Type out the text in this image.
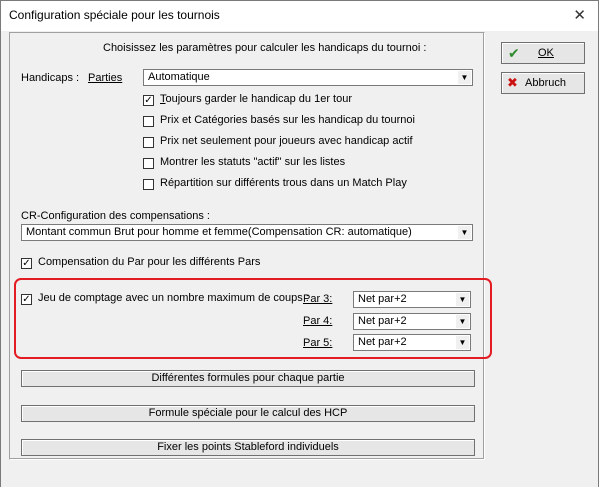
Configuration spéciale pour les tournois	✕
Choisissez les paramètres pour calculer les handicaps du tournoi :
Handicaps : Parties	Automatique	▼
✓ Toujours garder le handicap du 1er tour
Prix et Catégories basés sur les handicap du tournoi
Prix net seulement pour joueurs avec handicap actif
Montrer les statuts "actif" sur les listes
Répartition sur différents trous dans un Match Play
CR-Configuration des compensations :
Montant commun Brut pour homme et femme(Compensation CR: automatique)	▼
✓ Compensation du Par pour les différents Pars
✓ Jeu de comptage avec un nombre maximum de coups :
Par 3:	Net par+2	▼
Par 4:	Net par+2	▼
Par 5:	Net par+2	▼
Différentes formules pour chaque partie
Formule spéciale pour le calcul des HCP
Fixer les points Stableford individuels
✔ OK
✖ Abbruch
